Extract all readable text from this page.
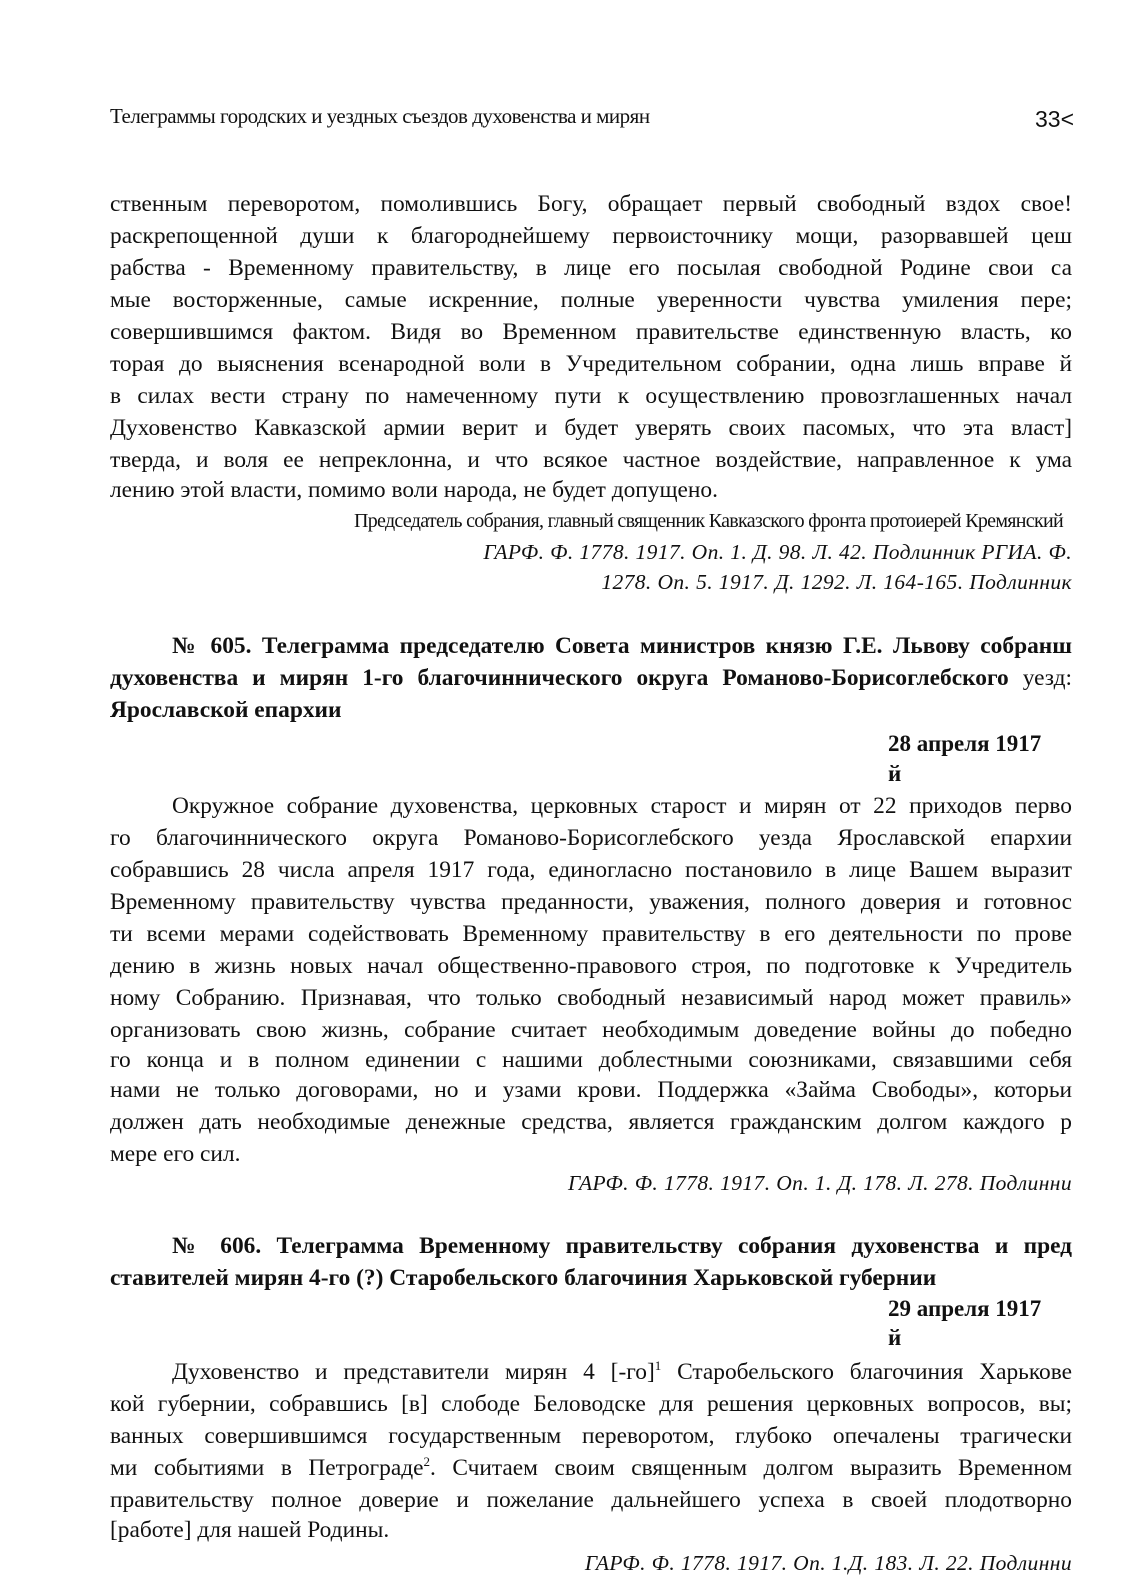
Телеграммы городских и уездных съездов духовенства и мирян	33<
ственным переворотом, помолившись Богу, обращает первый свободный вздох свое!
раскрепощенной души к благороднейшему первоисточнику мощи, разорвавшей цеш
рабства - Временному правительству, в лице его посылая свободной Родине свои са
мые восторженные, самые искренние, полные уверенности чувства умиления пере;
совершившимся фактом. Видя во Временном правительстве единственную власть, ко
торая до выяснения всенародной воли в Учредительном собрании, одна лишь вправе й
в силах вести страну по намеченному пути к осуществлению провозглашенных начал
Духовенство Кавказской армии верит и будет уверять своих пасомых, что эта власт]
тверда, и воля ее непреклонна, и что всякое частное воздействие, направленное к ума
лению этой власти, помимо воли народа, не будет допущено.
Председатель собрания, главный священник Кавказского фронта протоиерей Кремянский
ГАРФ. Ф. 1778. 1917. Оп. 1. Д. 98. Л. 42. Подлинник РГИА. Ф.
1278. Оп. 5. 1917. Д. 1292. Л. 164-165. Подлинник
№ 605. Телеграмма председателю Совета министров князю Г.Е. Львову собранш
духовенства и мирян 1-го благочиннического округа Романово-Борисоглебского уезд:
Ярославской епархии
28 апреля 1917
й
Окружное собрание духовенства, церковных старост и мирян от 22 приходов перво
го благочиннического округа Романово-Борисоглебского уезда Ярославской епархии
собравшись 28 числа апреля 1917 года, единогласно постановило в лице Вашем выразит
Временному правительству чувства преданности, уважения, полного доверия и готовнос
ти всеми мерами содействовать Временному правительству в его деятельности по прове
дению в жизнь новых начал общественно-правового строя, по подготовке к Учредитель
ному Собранию. Признавая, что только свободный независимый народ может правиль»
организовать свою жизнь, собрание считает необходимым доведение войны до победно
го конца и в полном единении с нашими доблестными союзниками, связавшими себя
нами не только договорами, но и узами крови. Поддержка «Займа Свободы», которьи
должен дать необходимые денежные средства, является гражданским долгом каждого р
мере его сил.
ГАРФ. Ф. 1778. 1917. Оп. 1. Д. 178. Л. 278. Подлинни
№ 606. Телеграмма Временному правительству собрания духовенства и пред
ставителей мирян 4-го (?) Старобельского благочиния Харьковской губернии
29 апреля 1917
й
Духовенство и представители мирян 4 $[-го]^1$ Старобельского благочиния Харькове
кой губернии, собравшись [в] слободе Беловодске для решения церковных вопросов, вы;
ванных совершившимся государственным переворотом, глубоко опечалены трагически
ми событиями в Петрограде$^2$. Считаем своим священным долгом выразить Временном
правительству полное доверие и пожелание дальнейшего успеха в своей плодотворно
[работе] для нашей Родины.
ГАРФ. Ф. 1778. 1917. Оп. 1.Д. 183. Л. 22. Подлинни
